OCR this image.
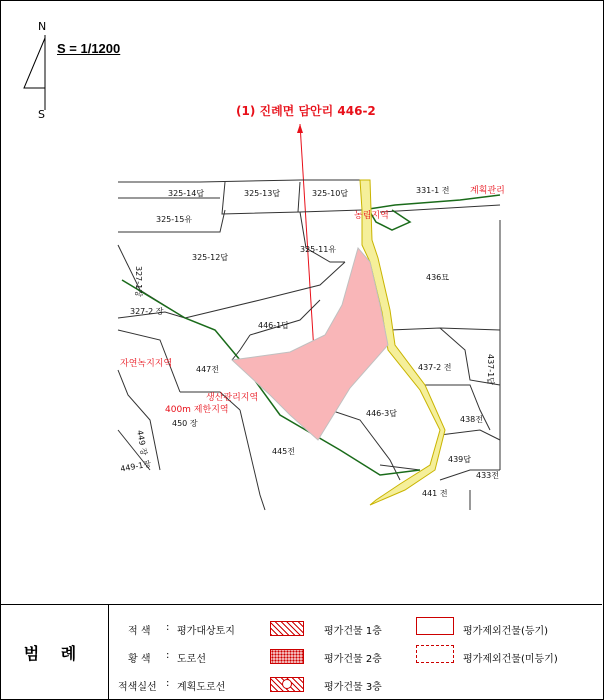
325-14답	325-13답	325-10답	331-1 전
325-15유
325-12답
325-11유
436묘
327-2 장
446-1답
447전	437-2 전	437-1답
446-3답
438전
450 장
449 장
449-1장
445전
439답
433전
441 전
327-1장
계획관리
농림지역
자연녹지지역
생산관리지역
400m 제한지역
N
S
S = 1/1200
(1) 진례면 담안리 446-2
범 례
적 색 : 평가대상토지
황 색 : 도로선
적색실선 : 계획도로선
평가건물 1층
평가건물 2층
평가건물 3층
평가제외건물(등기)
평가제외건물(미등기)
